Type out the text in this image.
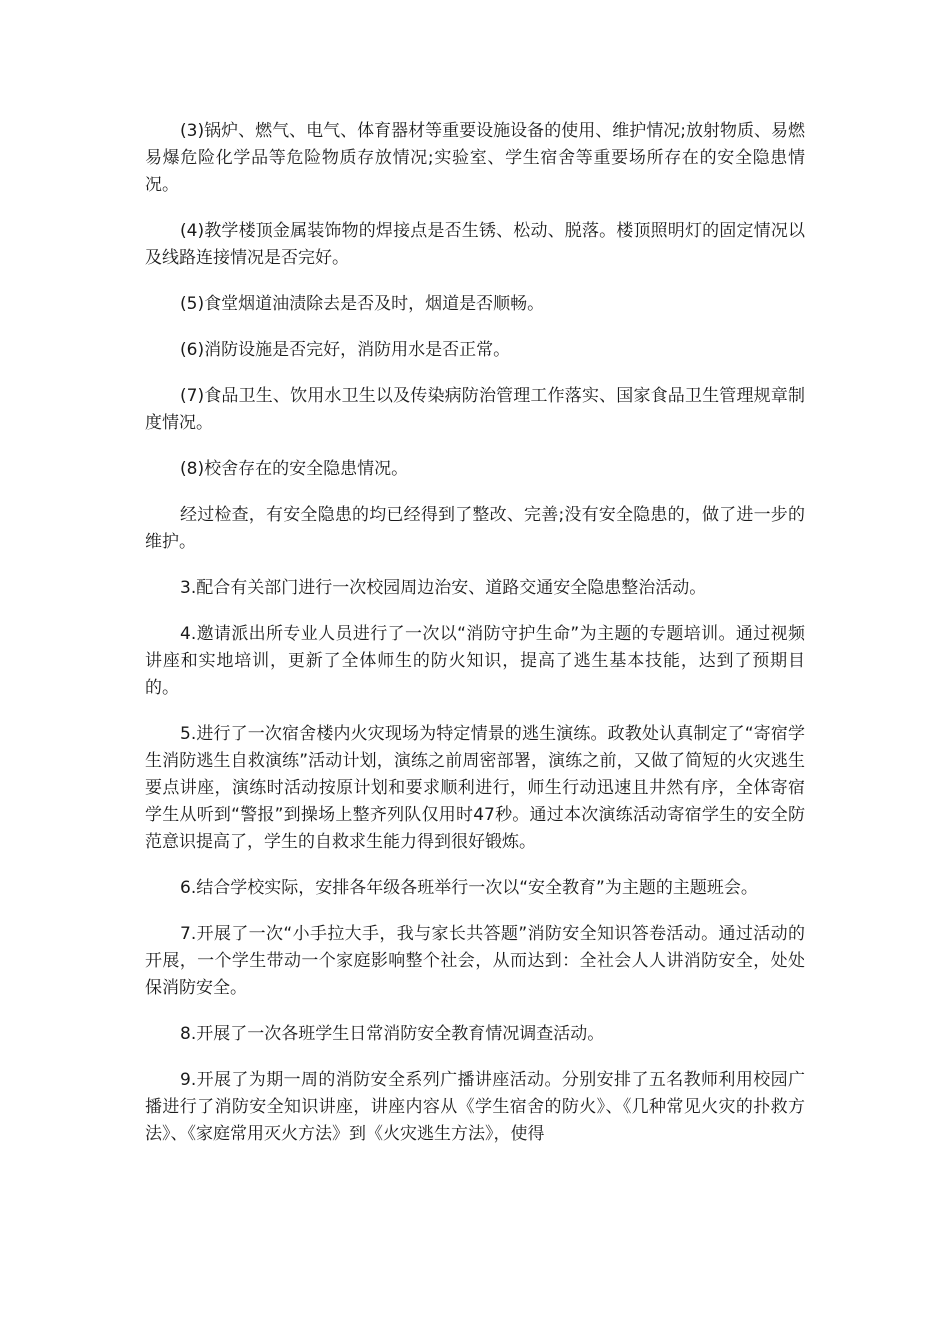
(3)锅炉、燃气、电气、体育器材等重要设施设备的使用、维护情况;放射物质、易燃易爆危险化学品等危险物质存放情况;实验室、学生宿舍等重要场所存在的安全隐患情况。

(4)教学楼顶金属装饰物的焊接点是否生锈、松动、脱落。楼顶照明灯的固定情况以及线路连接情况是否完好。

(5)食堂烟道油渍除去是否及时，烟道是否顺畅。

(6)消防设施是否完好，消防用水是否正常。

(7)食品卫生、饮用水卫生以及传染病防治管理工作落实、国家食品卫生管理规章制度情况。

(8)校舍存在的安全隐患情况。

经过检查，有安全隐患的均已经得到了整改、完善;没有安全隐患的，做了进一步的维护。

3.配合有关部门进行一次校园周边治安、道路交通安全隐患整治活动。

4.邀请派出所专业人员进行了一次以“消防守护生命”为主题的专题培训。通过视频讲座和实地培训，更新了全体师生的防火知识，提高了逃生基本技能，达到了预期目的。

5.进行了一次宿舍楼内火灾现场为特定情景的逃生演练。政教处认真制定了“寄宿学生消防逃生自救演练”活动计划，演练之前周密部署，演练之前，又做了简短的火灾逃生要点讲座，演练时活动按原计划和要求顺利进行，师生行动迅速且井然有序，全体寄宿学生从听到“警报”到操场上整齐列队仅用时47秒。通过本次演练活动寄宿学生的安全防范意识提高了，学生的自救求生能力得到很好锻炼。

6.结合学校实际，安排各年级各班举行一次以“安全教育”为主题的主题班会。

7.开展了一次“小手拉大手，我与家长共答题”消防安全知识答卷活动。通过活动的开展，一个学生带动一个家庭影响整个社会，从而达到：全社会人人讲消防安全，处处保消防安全。

8.开展了一次各班学生日常消防安全教育情况调查活动。

9.开展了为期一周的消防安全系列广播讲座活动。分别安排了五名教师利用校园广播进行了消防安全知识讲座，讲座内容从《学生宿舍的防火》、《几种常见火灾的扑救方法》、《家庭常用灭火方法》到《火灾逃生方法》，使得
